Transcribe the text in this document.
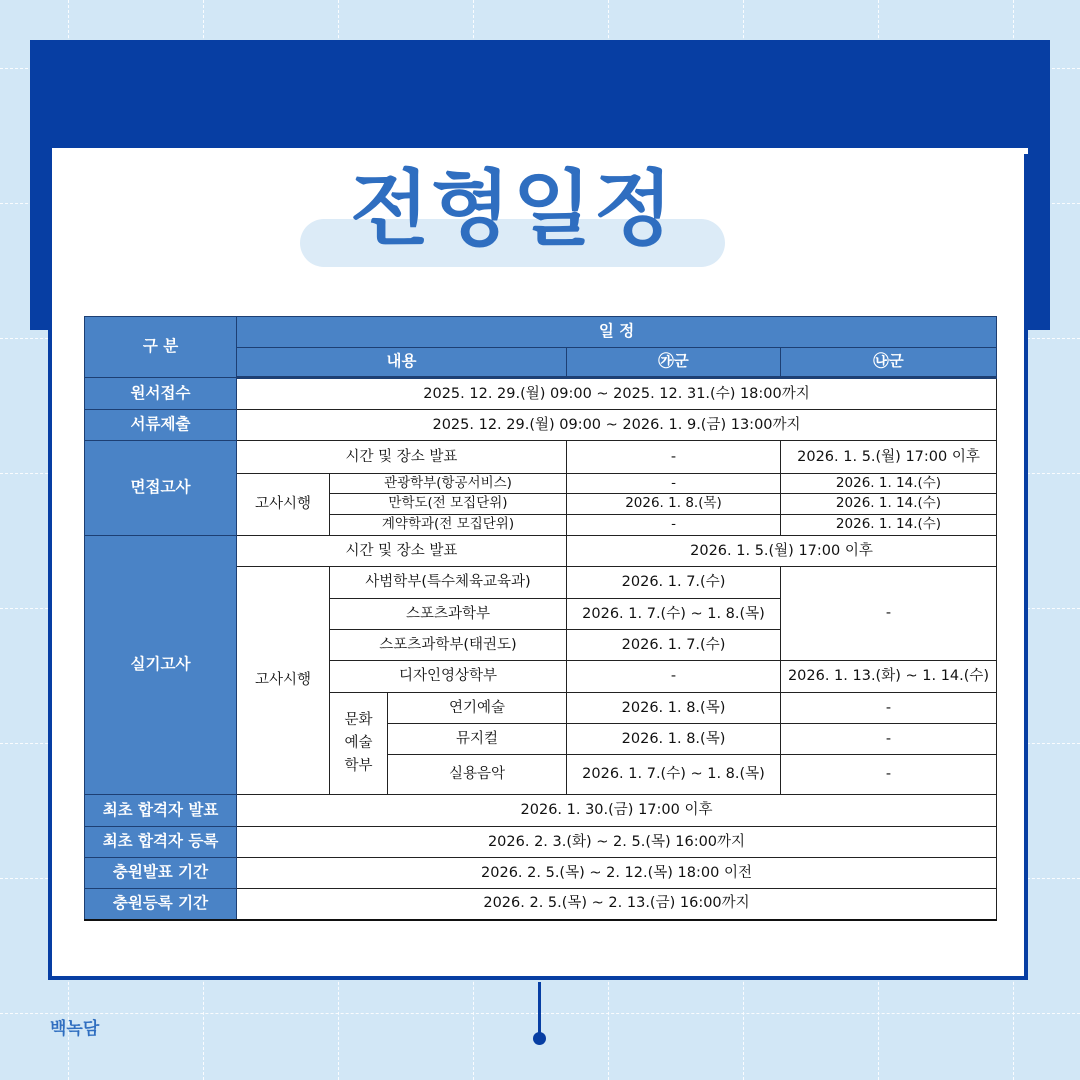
전형일정
구 분	일 정				
	내용			㉮군	㉯군
원서접수	2025. 12. 29.(월) 09:00 ~ 2025. 12. 31.(수) 18:00까지				
서류제출	2025. 12. 29.(월) 09:00 ~ 2026. 1. 9.(금) 13:00까지				
면접고사	시간 및 장소 발표			-	2026. 1. 5.(월) 17:00 이후
	고사시행	관광학부(항공서비스)		-	2026. 1. 14.(수)
		만학도(전 모집단위)		2026. 1. 8.(목)	2026. 1. 14.(수)
		계약학과(전 모집단위)		-	2026. 1. 14.(수)
실기고사	시간 및 장소 발표			2026. 1. 5.(월) 17:00 이후	
	고사시행	사범학부(특수체육교육과)		2026. 1. 7.(수)	-
		스포츠과학부		2026. 1. 7.(수) ~ 1. 8.(목)	
		스포츠과학부(태권도)		2026. 1. 7.(수)	
		디자인영상학부		-	2026. 1. 13.(화) ~ 1. 14.(수)
		문화
예술
학부	연기예술	2026. 1. 8.(목)	-
			뮤지컬	2026. 1. 8.(목)	-
			실용음악	2026. 1. 7.(수) ~ 1. 8.(목)	-

최초 합격자 발표	2026. 1. 30.(금) 17:00 이후				
최초 합격자 등록	2026. 2. 3.(화) ~ 2. 5.(목) 16:00까지				
충원발표 기간	2026. 2. 5.(목) ~ 2. 12.(목) 18:00 이전				
충원등록 기간	2026. 2. 5.(목) ~ 2. 13.(금) 16:00까지				
백녹담
